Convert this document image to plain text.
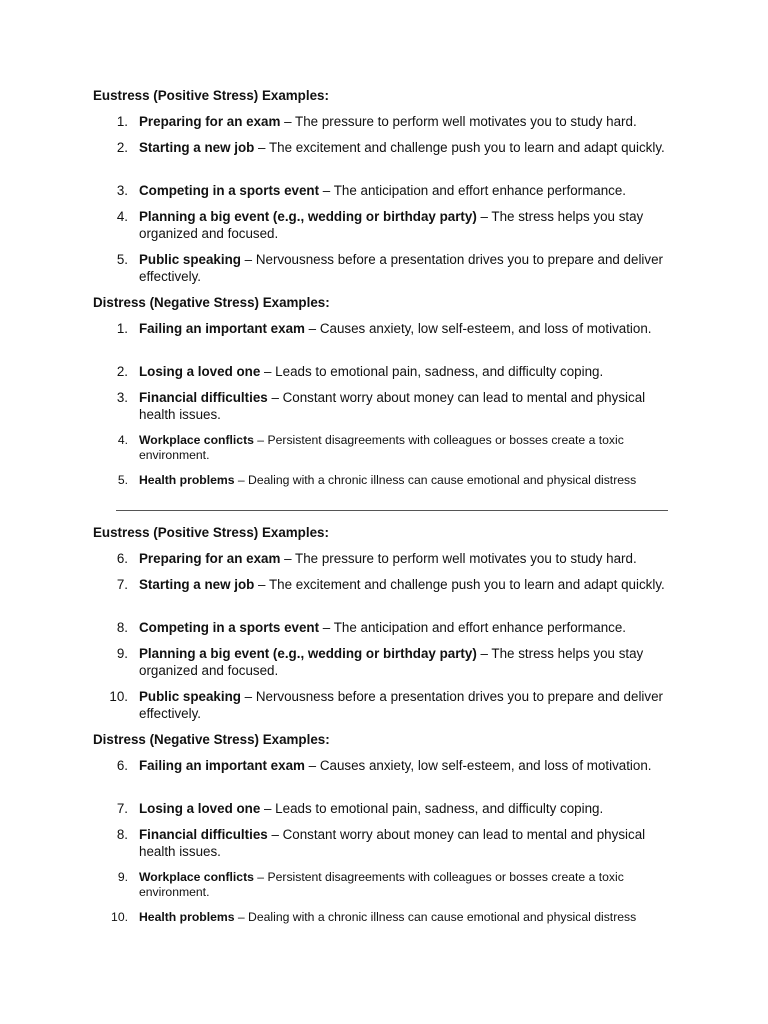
Eustress (Positive Stress) Examples:
1. Preparing for an exam – The pressure to perform well motivates you to study hard.
2. Starting a new job – The excitement and challenge push you to learn and adapt quickly.
3. Competing in a sports event – The anticipation and effort enhance performance.
4. Planning a big event (e.g., wedding or birthday party) – The stress helps you stay organized and focused.
5. Public speaking – Nervousness before a presentation drives you to prepare and deliver effectively.
Distress (Negative Stress) Examples:
1. Failing an important exam – Causes anxiety, low self-esteem, and loss of motivation.
2. Losing a loved one – Leads to emotional pain, sadness, and difficulty coping.
3. Financial difficulties – Constant worry about money can lead to mental and physical health issues.
4. Workplace conflicts – Persistent disagreements with colleagues or bosses create a toxic environment.
5. Health problems – Dealing with a chronic illness can cause emotional and physical distress
Eustress (Positive Stress) Examples:
6. Preparing for an exam – The pressure to perform well motivates you to study hard.
7. Starting a new job – The excitement and challenge push you to learn and adapt quickly.
8. Competing in a sports event – The anticipation and effort enhance performance.
9. Planning a big event (e.g., wedding or birthday party) – The stress helps you stay organized and focused.
10. Public speaking – Nervousness before a presentation drives you to prepare and deliver effectively.
Distress (Negative Stress) Examples:
6. Failing an important exam – Causes anxiety, low self-esteem, and loss of motivation.
7. Losing a loved one – Leads to emotional pain, sadness, and difficulty coping.
8. Financial difficulties – Constant worry about money can lead to mental and physical health issues.
9. Workplace conflicts – Persistent disagreements with colleagues or bosses create a toxic environment.
10. Health problems – Dealing with a chronic illness can cause emotional and physical distress
